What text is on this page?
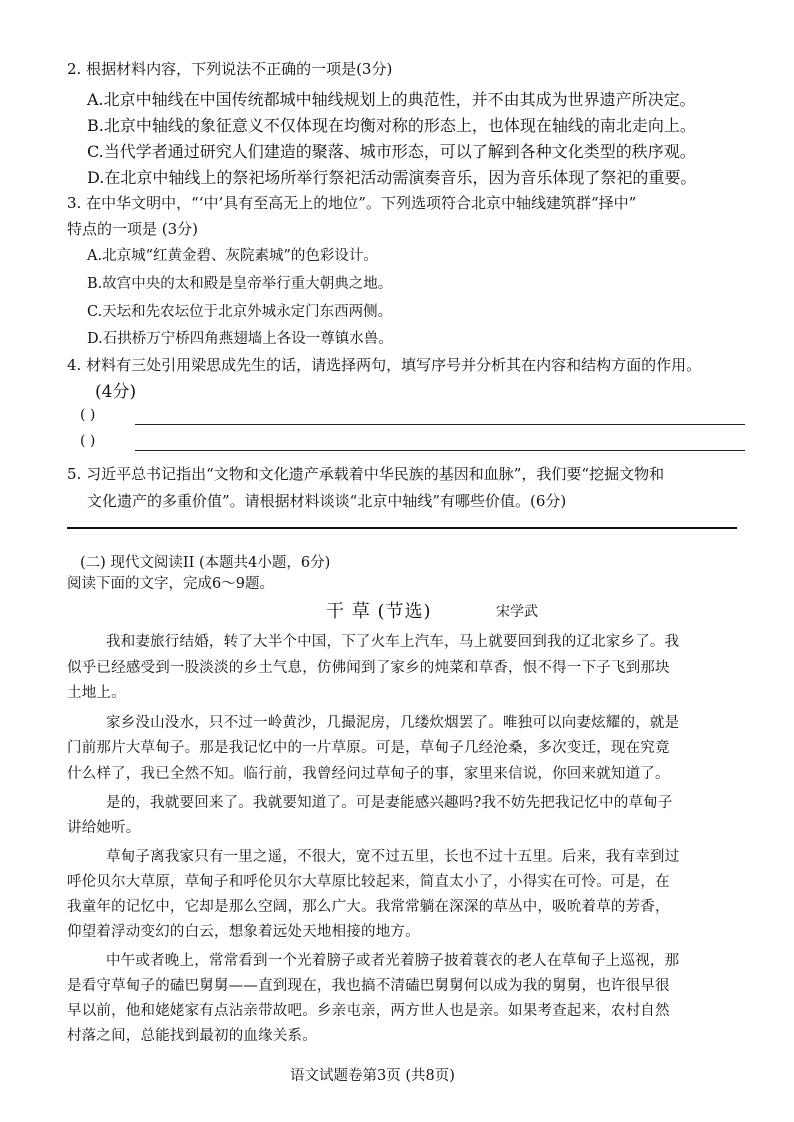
2. 根据材料内容，下列说法不正确的一项是(3分)
A.北京中轴线在中国传统都城中轴线规划上的典范性，并不由其成为世界遗产所决定。
B.北京中轴线的象征意义不仅体现在均衡对称的形态上，也体现在轴线的南北走向上。
C.当代学者通过研究人们建造的聚落、城市形态，可以了解到各种文化类型的秩序观。
D.在北京中轴线上的祭祀场所举行祭祀活动需演奏音乐，因为音乐体现了祭祀的重要。
3. 在中华文明中，“‘中’具有至高无上的地位”。下列选项符合北京中轴线建筑群“择中”
特点的一项是 (3分)
A.北京城“红黄金碧、灰院素城”的色彩设计。
B.故宫中央的太和殿是皇帝举行重大朝典之地。
C.天坛和先农坛位于北京外城永定门东西两侧。
D.石拱桥万宁桥四角燕翅墙上各设一尊镇水兽。
4. 材料有三处引用梁思成先生的话，请选择两句，填写序号并分析其在内容和结构方面的作用。
(4分)
( )
( )
5. 习近平总书记指出“文物和文化遗产承载着中华民族的基因和血脉”，我们要“挖掘文物和
文化遗产的多重价值”。请根据材料谈谈“北京中轴线”有哪些价值。(6分)
(二) 现代文阅读II (本题共4小题，6分)
阅读下面的文字，完成6～9题。
干 草 (节选)	宋学武
我和妻旅行结婚，转了大半个中国，下了火车上汽车，马上就要回到我的辽北家乡了。我
似乎已经感受到一股淡淡的乡土气息，仿佛闻到了家乡的炖菜和草香，恨不得一下子飞到那块
土地上。
家乡没山没水，只不过一岭黄沙，几撮泥房，几缕炊烟罢了。唯独可以向妻炫耀的，就是
门前那片大草甸子。那是我记忆中的一片草原。可是，草甸子几经沧桑，多次变迁，现在究竟
什么样了，我已全然不知。临行前，我曾经问过草甸子的事，家里来信说，你回来就知道了。
是的，我就要回来了。我就要知道了。可是妻能感兴趣吗?我不妨先把我记忆中的草甸子
讲给她听。
草甸子离我家只有一里之遥，不很大，宽不过五里，长也不过十五里。后来，我有幸到过
呼伦贝尔大草原，草甸子和呼伦贝尔大草原比较起来，简直太小了，小得实在可怜。可是，在
我童年的记忆中，它却是那么空阔，那么广大。我常常躺在深深的草丛中，吸吮着草的芳香，
仰望着浮动变幻的白云，想象着远处天地相接的地方。
中午或者晚上，常常看到一个光着膀子或者光着膀子披着蓑衣的老人在草甸子上巡视，那
是看守草甸子的磕巴舅舅——直到现在，我也搞不清磕巴舅舅何以成为我的舅舅，也许很早很
早以前，他和姥姥家有点沾亲带故吧。乡亲屯亲，两方世人也是亲。如果考查起来，农村自然
村落之间，总能找到最初的血缘关系。
语文试题卷第3页 (共8页)
